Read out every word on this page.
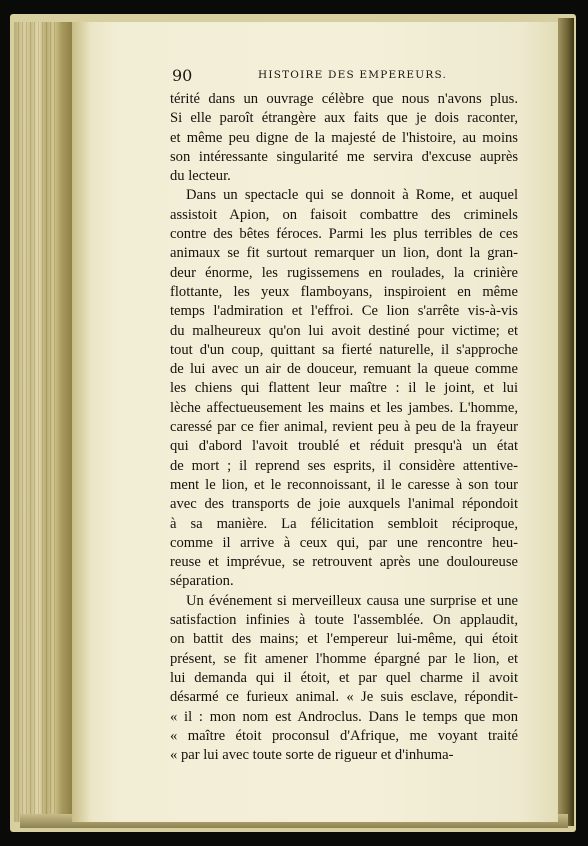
90	HISTOIRE DES EMPEREURS.
térité dans un ouvrage célèbre que nous n'avons plus.
Si elle paroît étrangère aux faits que je dois raconter,
et même peu digne de la majesté de l'histoire, au moins
son intéressante singularité me servira d'excuse auprès
du lecteur.
Dans un spectacle qui se donnoit à Rome, et auquel
assistoit Apion, on faisoit combattre des criminels
contre des bêtes féroces. Parmi les plus terribles de ces
animaux se fit surtout remarquer un lion, dont la gran-
deur énorme, les rugissemens en roulades, la crinière
flottante, les yeux flamboyans, inspiroient en même
temps l'admiration et l'effroi. Ce lion s'arrête vis-à-vis
du malheureux qu'on lui avoit destiné pour victime; et
tout d'un coup, quittant sa fierté naturelle, il s'approche
de lui avec un air de douceur, remuant la queue comme
les chiens qui flattent leur maître : il le joint, et lui
lèche affectueusement les mains et les jambes. L'homme,
caressé par ce fier animal, revient peu à peu de la frayeur
qui d'abord l'avoit troublé et réduit presqu'à un état
de mort ; il reprend ses esprits, il considère attentive-
ment le lion, et le reconnoissant, il le caresse à son tour
avec des transports de joie auxquels l'animal répondoit
à sa manière. La félicitation sembloit réciproque,
comme il arrive à ceux qui, par une rencontre heu-
reuse et imprévue, se retrouvent après une douloureuse
séparation.
Un événement si merveilleux causa une surprise et une
satisfaction infinies à toute l'assemblée. On applaudit,
on battit des mains; et l'empereur lui-même, qui étoit
présent, se fit amener l'homme épargné par le lion, et
lui demanda qui il étoit, et par quel charme il avoit
désarmé ce furieux animal. « Je suis esclave, répondit-
« il : mon nom est Androclus. Dans le temps que mon
« maître étoit proconsul d'Afrique, me voyant traité
« par lui avec toute sorte de rigueur et d'inhuma-
